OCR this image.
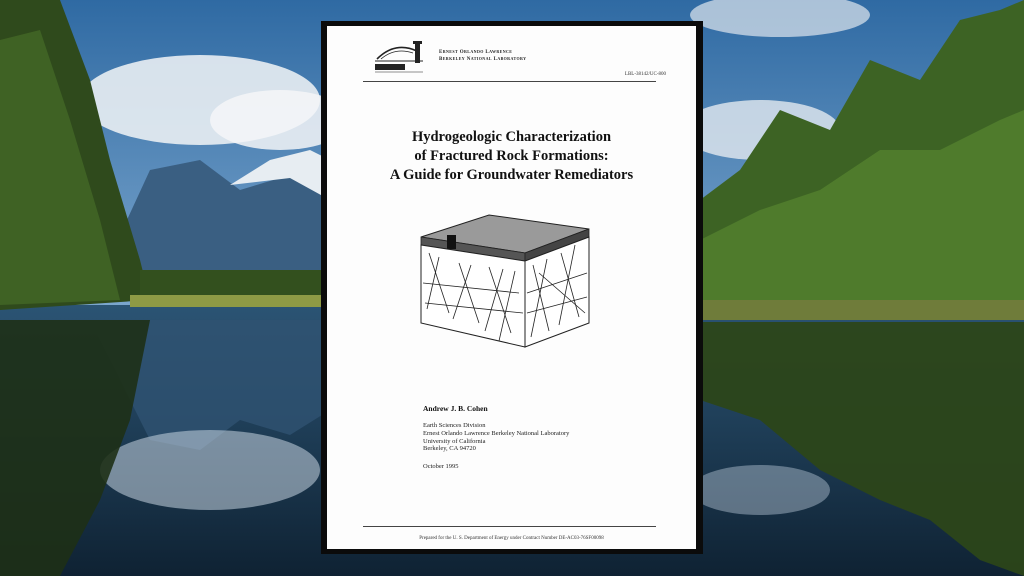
Ernest Orlando Lawrence
Berkeley National Laboratory
LBL-38142/UC-800
Hydrogeologic Characterization
of Fractured Rock Formations:
A Guide for Groundwater Remediators
Andrew J. B. Cohen
Earth Sciences Division
Ernest Orlando Lawrence Berkeley National Laboratory
University of California
Berkeley, CA 94720
October 1995
Prepared for the U. S. Department of Energy under Contract Number DE-AC03-76SF00098
